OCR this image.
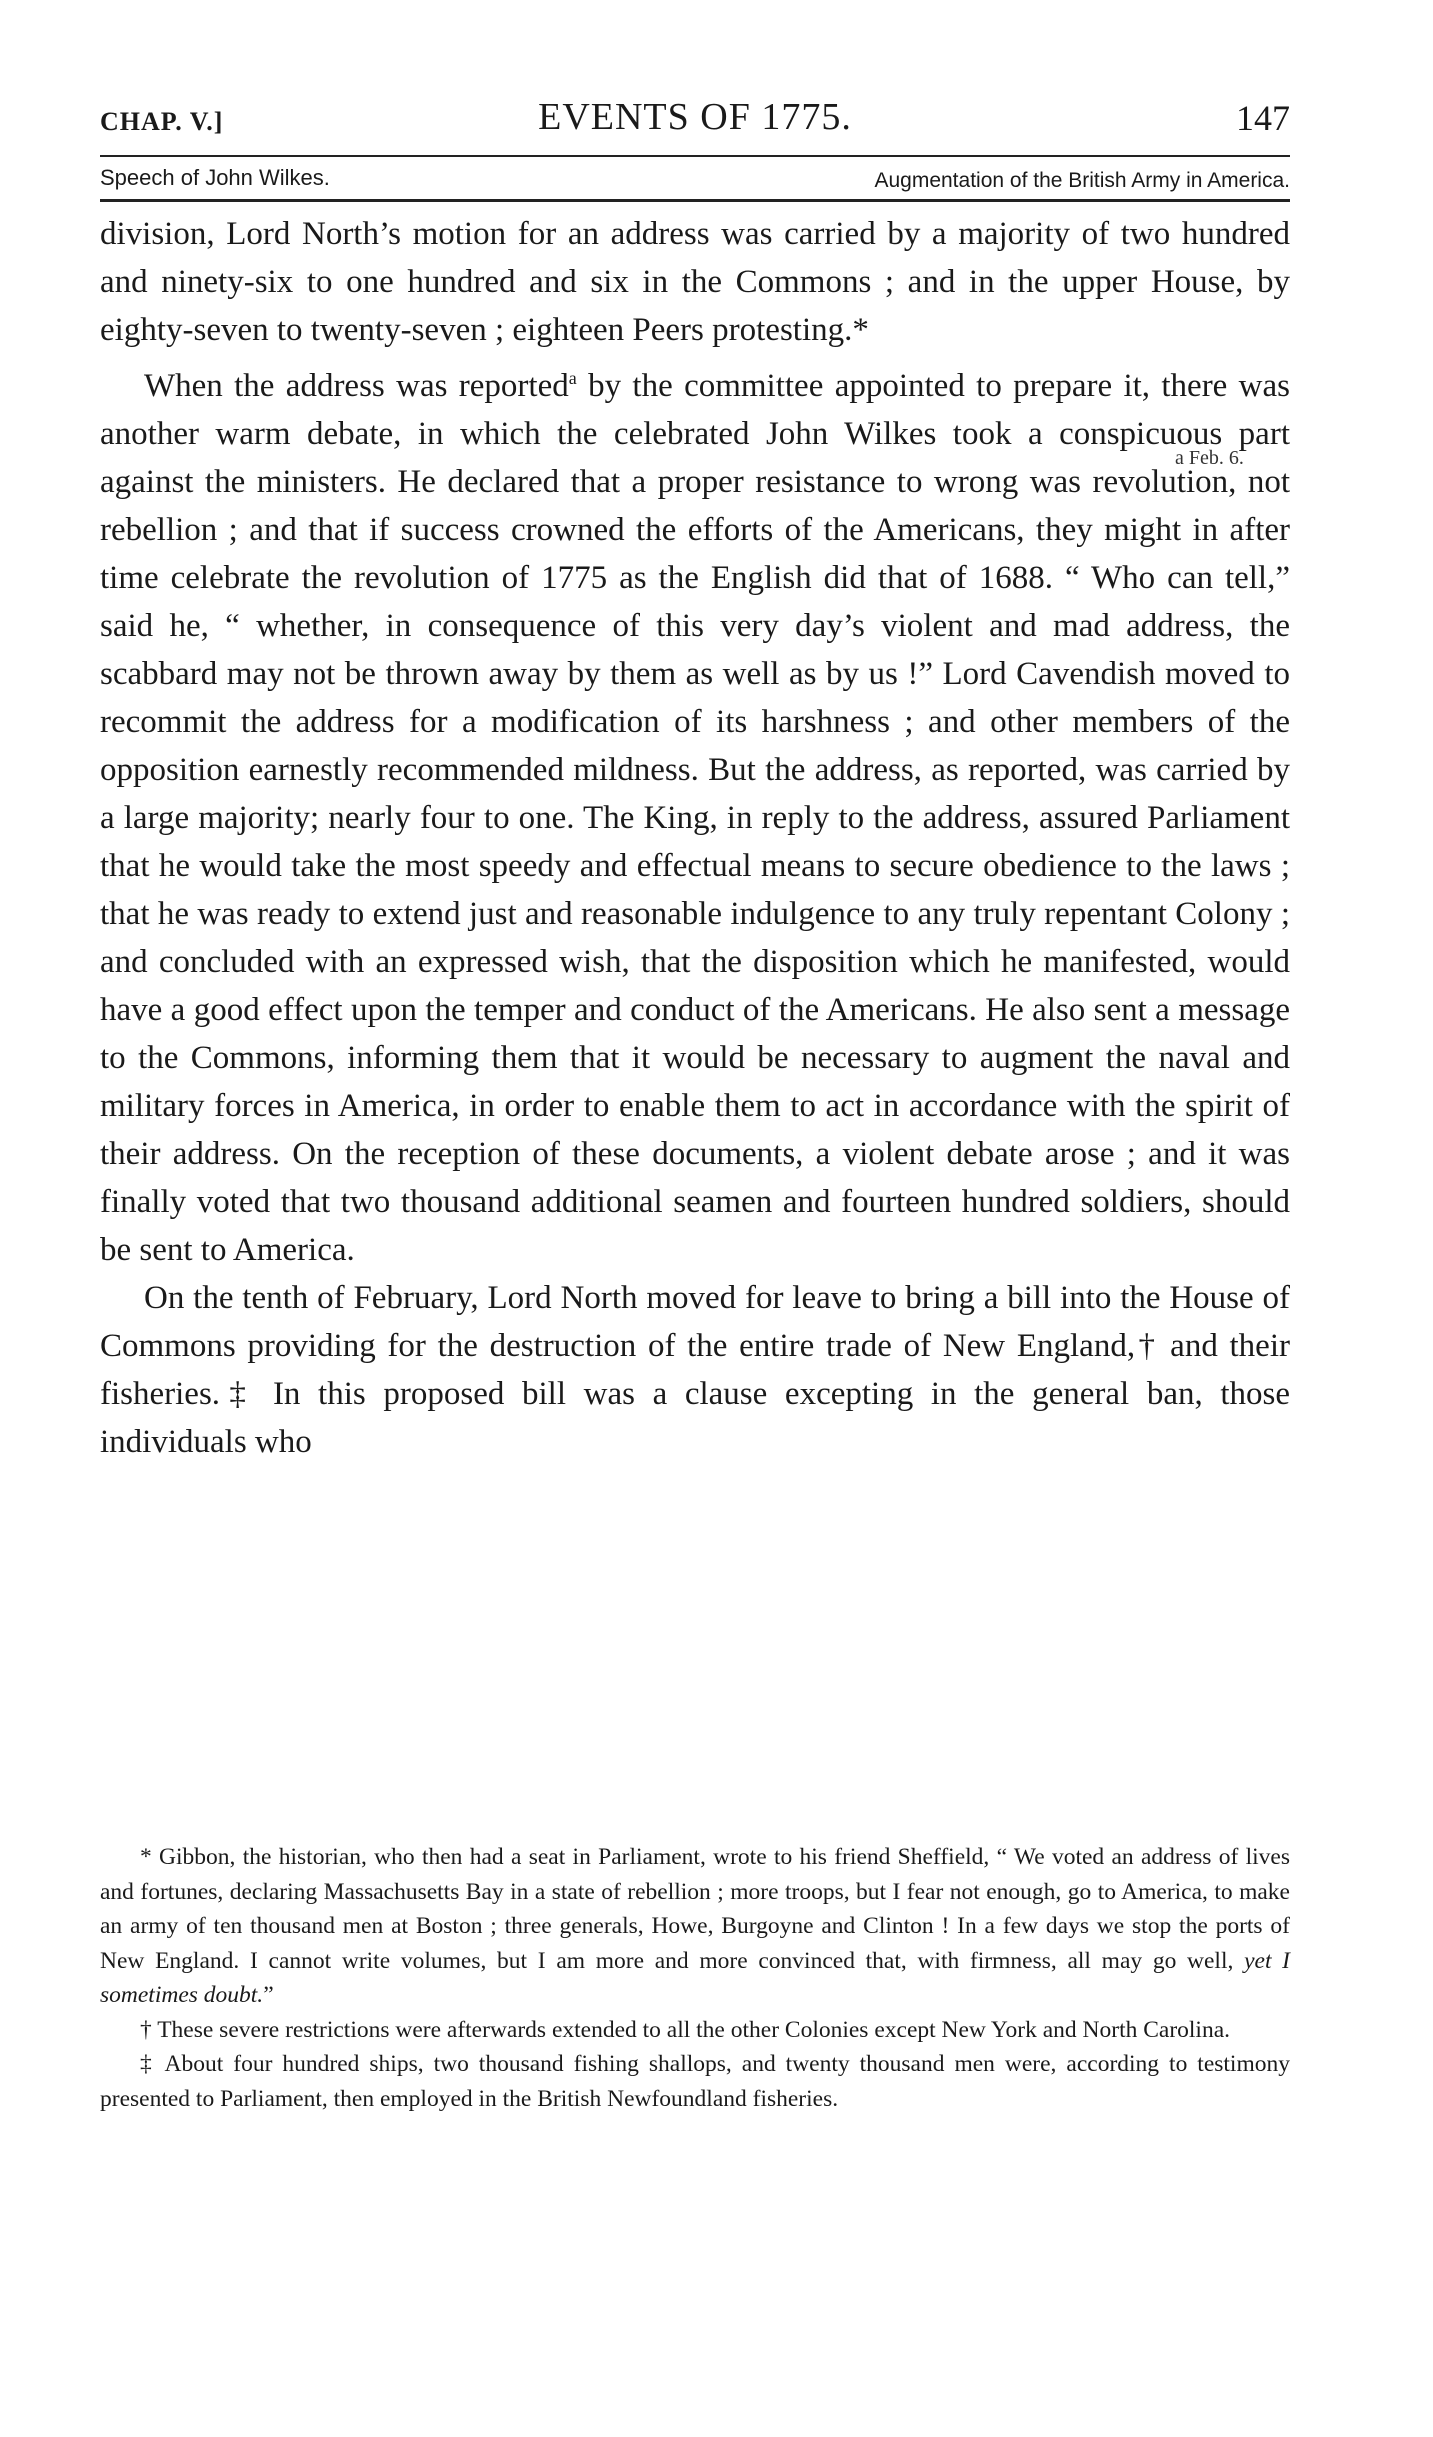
CHAP. V.]	EVENTS OF 1775.	147
Speech of John Wilkes.	Augmentation of the British Army in America.

division, Lord North’s motion for an address was carried by a majority of two hundred and ninety-six to one hundred and six in the Commons ; and in the upper House, by eighty-seven to twenty-seven ; eighteen Peers protesting.*

When the address was reported$^a$ by the committee appointed to prepare it, there was another warm debate, in which the celebrated John Wilkes took a conspicuous part against the ministers. He declared that a proper resistance to wrong was revolution, not rebellion ; and that if success crowned the efforts of the Americans, they might in after time celebrate the revolution of 1775 as the English did that of 1688. “ Who can tell,” said he, “ whether, in consequence of this very day’s violent and mad address, the scabbard may not be thrown away by them as well as by us !” Lord Cavendish moved to recommit the address for a modification of its harshness ; and other members of the opposition earnestly recommended mildness. But the address, as reported, was carried by a large majority; nearly four to one. The King, in reply to the address, assured Parliament that he would take the most speedy and effectual means to secure obedience to the laws ; that he was ready to extend just and reasonable indulgence to any truly repentant Colony ; and concluded with an expressed wish, that the disposition which he manifested, would have a good effect upon the temper and conduct of the Americans. He also sent a message to the Commons, informing them that it would be necessary to augment the naval and military forces in America, in order to enable them to act in accordance with the spirit of their address. On the reception of these documents, a violent debate arose ; and it was finally voted that two thousand additional seamen and fourteen hundred soldiers, should be sent to America.

On the tenth of February, Lord North moved for leave to bring a bill into the House of Commons providing for the destruction of the entire trade of New England,† and their fisheries.‡ In this proposed bill was a clause excepting in the general ban, those individuals who

a Feb. 6.

* Gibbon, the historian, who then had a seat in Parliament, wrote to his friend Sheffield, “ We voted an address of lives and fortunes, declaring Massachusetts Bay in a state of rebellion ; more troops, but I fear not enough, go to America, to make an army of ten thousand men at Boston ; three generals, Howe, Burgoyne and Clinton ! In a few days we stop the ports of New England. I cannot write volumes, but I am more and more convinced that, with firmness, all may go well, yet I sometimes doubt.”

† These severe restrictions were afterwards extended to all the other Colonies except New York and North Carolina.

‡ About four hundred ships, two thousand fishing shallops, and twenty thousand men were, according to testimony presented to Parliament, then employed in the British Newfoundland fisheries.
